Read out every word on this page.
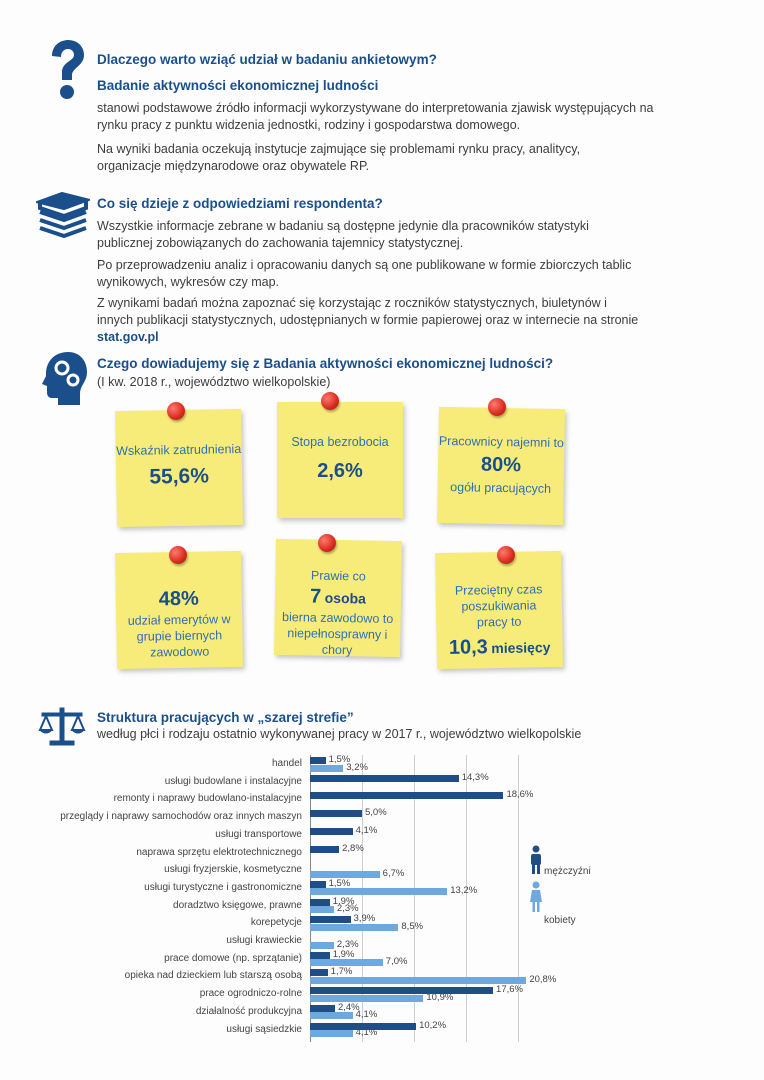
Dlaczego warto wziąć udział w badaniu ankietowym?
Badanie aktywności ekonomicznej ludności
stanowi podstawowe źródło informacji wykorzystywane do interpretowania zjawisk występujących na rynku pracy z punktu widzenia jednostki, rodziny i gospodarstwa domowego.
Na wyniki badania oczekują instytucje zajmujące się problemami rynku pracy, analitycy, organizacje międzynarodowe oraz obywatele RP.
Co się dzieje z odpowiedziami respondenta?
Wszystkie informacje zebrane w badaniu są dostępne jedynie dla pracowników statystyki publicznej zobowiązanych do zachowania tajemnicy statystycznej.
Po przeprowadzeniu analiz i opracowaniu danych są one publikowane w formie zbiorczych tablic wynikowych, wykresów czy map.
Z wynikami badań można zapoznać się korzystając z roczników statystycznych, biuletynów i innych publikacji statystycznych, udostępnianych w formie papierowej oraz w internecie na stronie stat.gov.pl
Czego dowiadujemy się z Badania aktywności ekonomicznej ludności?
(I kw. 2018 r., województwo wielkopolskie)
Wskaźnik zatrudnienia
55,6%
Stopa bezrobocia
2,6%
Pracownicy najemni to
80%
ogółu pracujących
48%
udział emerytów w grupie biernych zawodowo
Prawie co
7 osoba
bierna zawodowo to niepełnosprawny i chory
Przeciętny czas poszukiwania pracy to
10,3 miesięcy
Struktura pracujących w „szarej strefie”
według płci i rodzaju ostatnio wykonywanej pracy w 2017 r., województwo wielkopolskie
handel	1,5%
3,2%
usługi budowlane i instalacyjne	14,3%
remonty i naprawy budowlano-instalacyjne	18,6%
przeglądy i naprawy samochodów oraz innych maszyn	5,0%
usługi transportowe	4,1%
naprawa sprzętu elektrotechnicznego	2,8%
usługi fryzjerskie, kosmetyczne	6,7%
usługi turystyczne i gastronomiczne	1,5%
13,2%
doradztwo księgowe, prawne	1,9%
2,3%
korepetycje	3,9%
8,5%
usługi krawieckie	2,3%
prace domowe (np. sprzątanie)	1,9%
7,0%
opieka nad dzieckiem lub starszą osobą	1,7%
20,8%
prace ogrodniczo-rolne	17,6%
10,9%
działalność produkcyjna	2,4%
4,1%
usługi sąsiedzkie	10,2%
4,1%
mężczyźni
kobiety
